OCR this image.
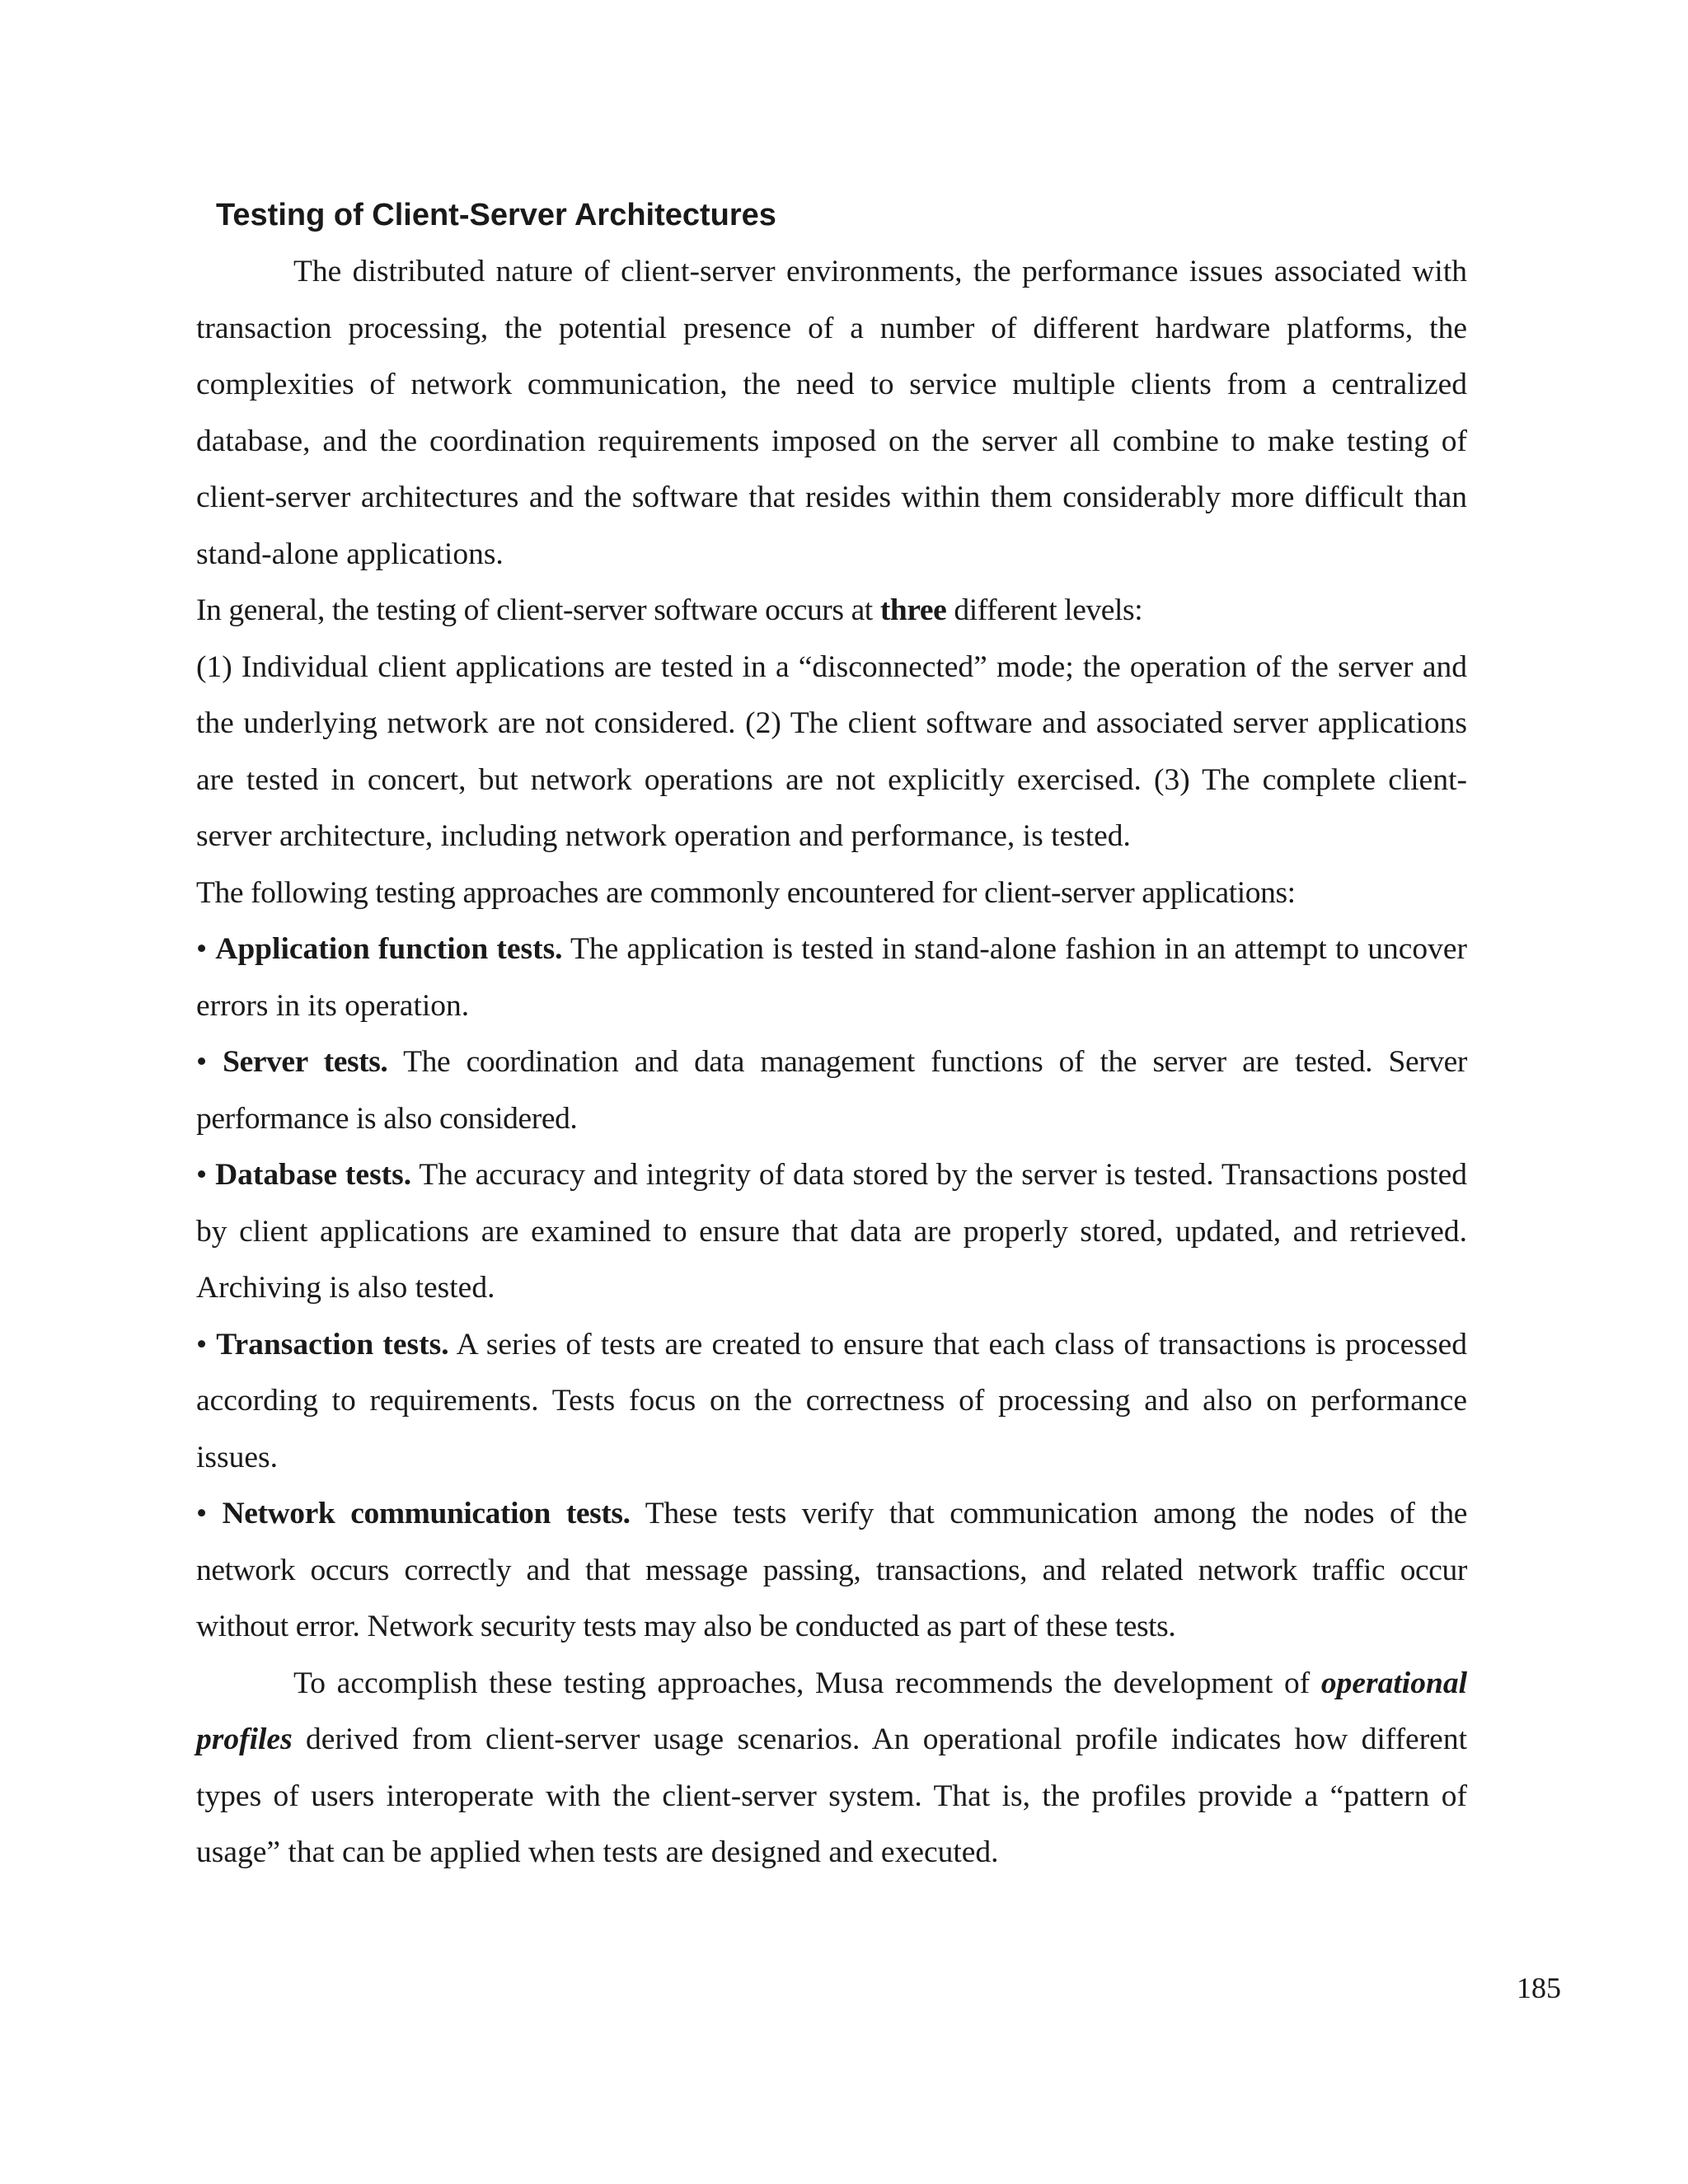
Testing of Client-Server Architectures

The distributed nature of client-server environments, the performance issues associated with transaction processing, the potential presence of a number of different hardware platforms, the complexities of network communication, the need to service multiple clients from a centralized database, and the coordination requirements imposed on the server all combine to make testing of client-server architectures and the software that resides within them considerably more difficult than stand-alone applications.

In general, the testing of client-server software occurs at three different levels:

(1) Individual client applications are tested in a “disconnected” mode; the operation of the server and the underlying network are not considered. (2) The client software and associated server applications are tested in concert, but network operations are not explicitly exercised. (3) The complete client-server architecture, including network operation and performance, is tested.

The following testing approaches are commonly encountered for client-server applications:

• Application function tests. The application is tested in stand-alone fashion in an attempt to uncover errors in its operation.

• Server tests. The coordination and data management functions of the server are tested. Server performance is also considered.

• Database tests. The accuracy and integrity of data stored by the server is tested. Transactions posted by client applications are examined to ensure that data are properly stored, updated, and retrieved. Archiving is also tested.

• Transaction tests. A series of tests are created to ensure that each class of transactions is processed according to requirements. Tests focus on the correctness of processing and also on performance issues.

• Network communication tests. These tests verify that communication among the nodes of the network occurs correctly and that message passing, transactions, and related network traffic occur without error. Network security tests may also be conducted as part of these tests.

To accomplish these testing approaches, Musa recommends the development of operational profiles derived from client-server usage scenarios. An operational profile indicates how different types of users interoperate with the client-server system. That is, the profiles provide a “pattern of usage” that can be applied when tests are designed and executed.

185
